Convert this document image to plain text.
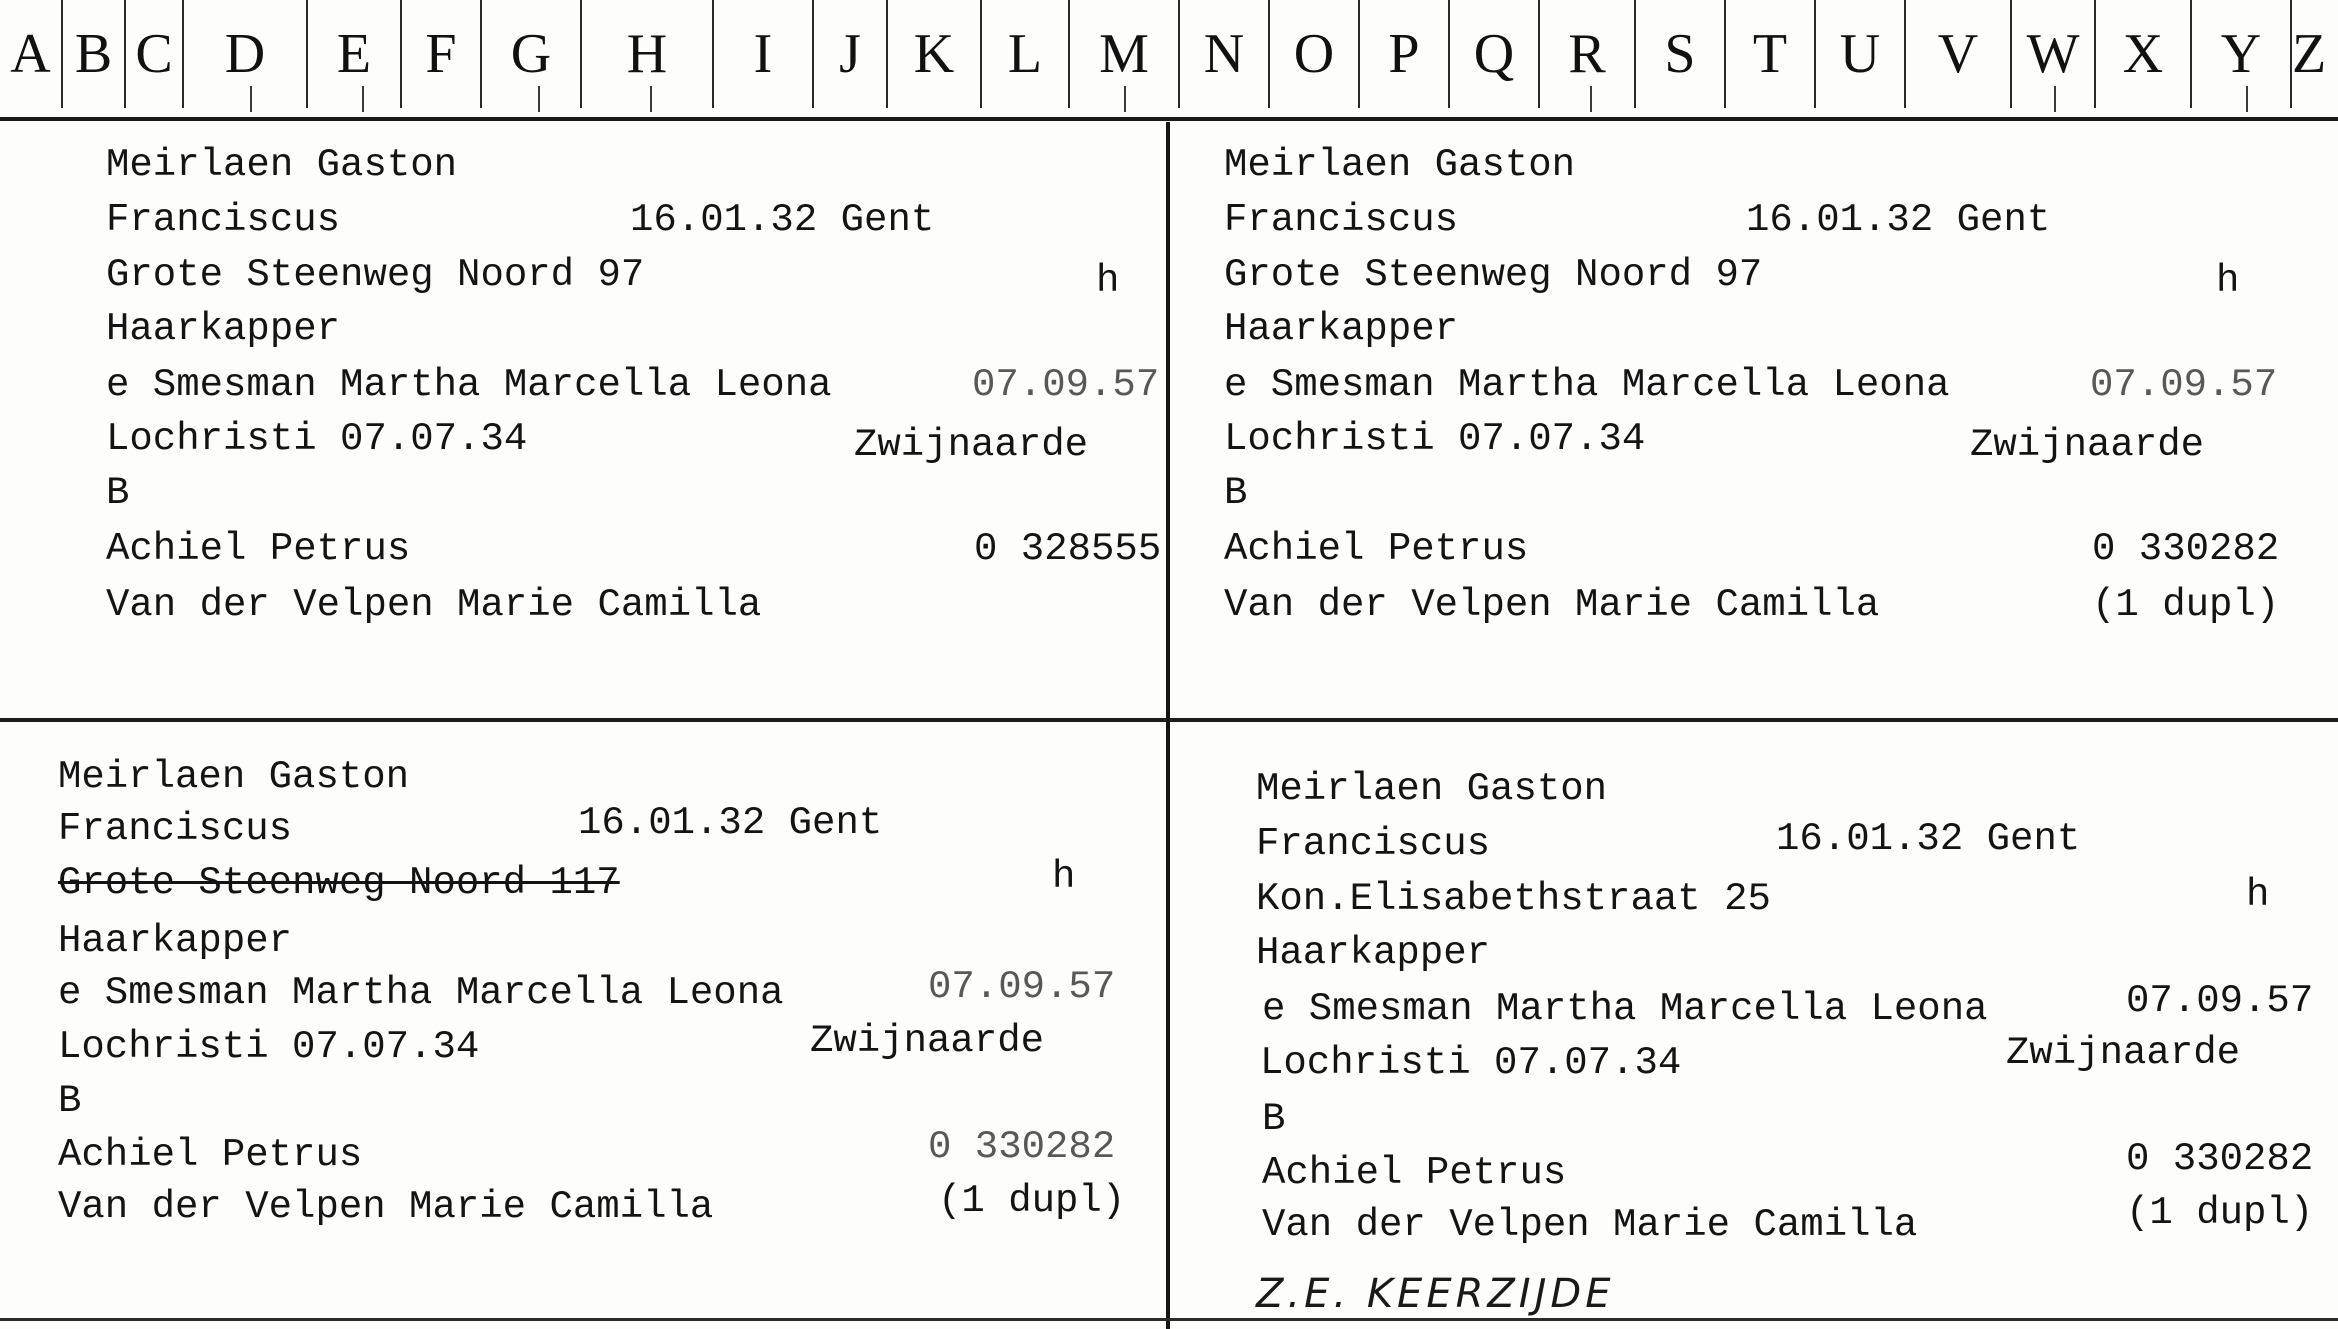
A B C D	E F G	H	I	J K L	M N O P Q R	S	T U	V W X	Y Z
Meirlaen Gaston
Franciscus	16.01.32 Gent
Grote Steenweg Noord 97	h
Haarkapper
e Smesman Martha Marcella Leona	07.09.57
Lochristi 07.07.34	Zwijnaarde
B
Achiel Petrus	0 328555
Van der Velpen Marie Camilla
Meirlaen Gaston
Franciscus	16.01.32 Gent
Grote Steenweg Noord 97	h
Haarkapper
e Smesman Martha Marcella Leona	07.09.57
Lochristi 07.07.34	Zwijnaarde
B
Achiel Petrus	0 330282
Van der Velpen Marie Camilla	(1 dupl)
Meirlaen Gaston
Franciscus	16.01.32 Gent
Grote Steenweg Noord 117	h
Haarkapper
e Smesman Martha Marcella Leona	07.09.57
Lochristi 07.07.34	Zwijnaarde
B
Achiel Petrus	0 330282
Van der Velpen Marie Camilla	(1 dupl)
Meirlaen Gaston
Franciscus	16.01.32 Gent
Kon.Elisabethstraat 25	h
Haarkapper
e Smesman Martha Marcella Leona	07.09.57
Lochristi 07.07.34	Zwijnaarde
B
Achiel Petrus	0 330282
Van der Velpen Marie Camilla	(1 dupl)
Z.E. KEERZIJDE
